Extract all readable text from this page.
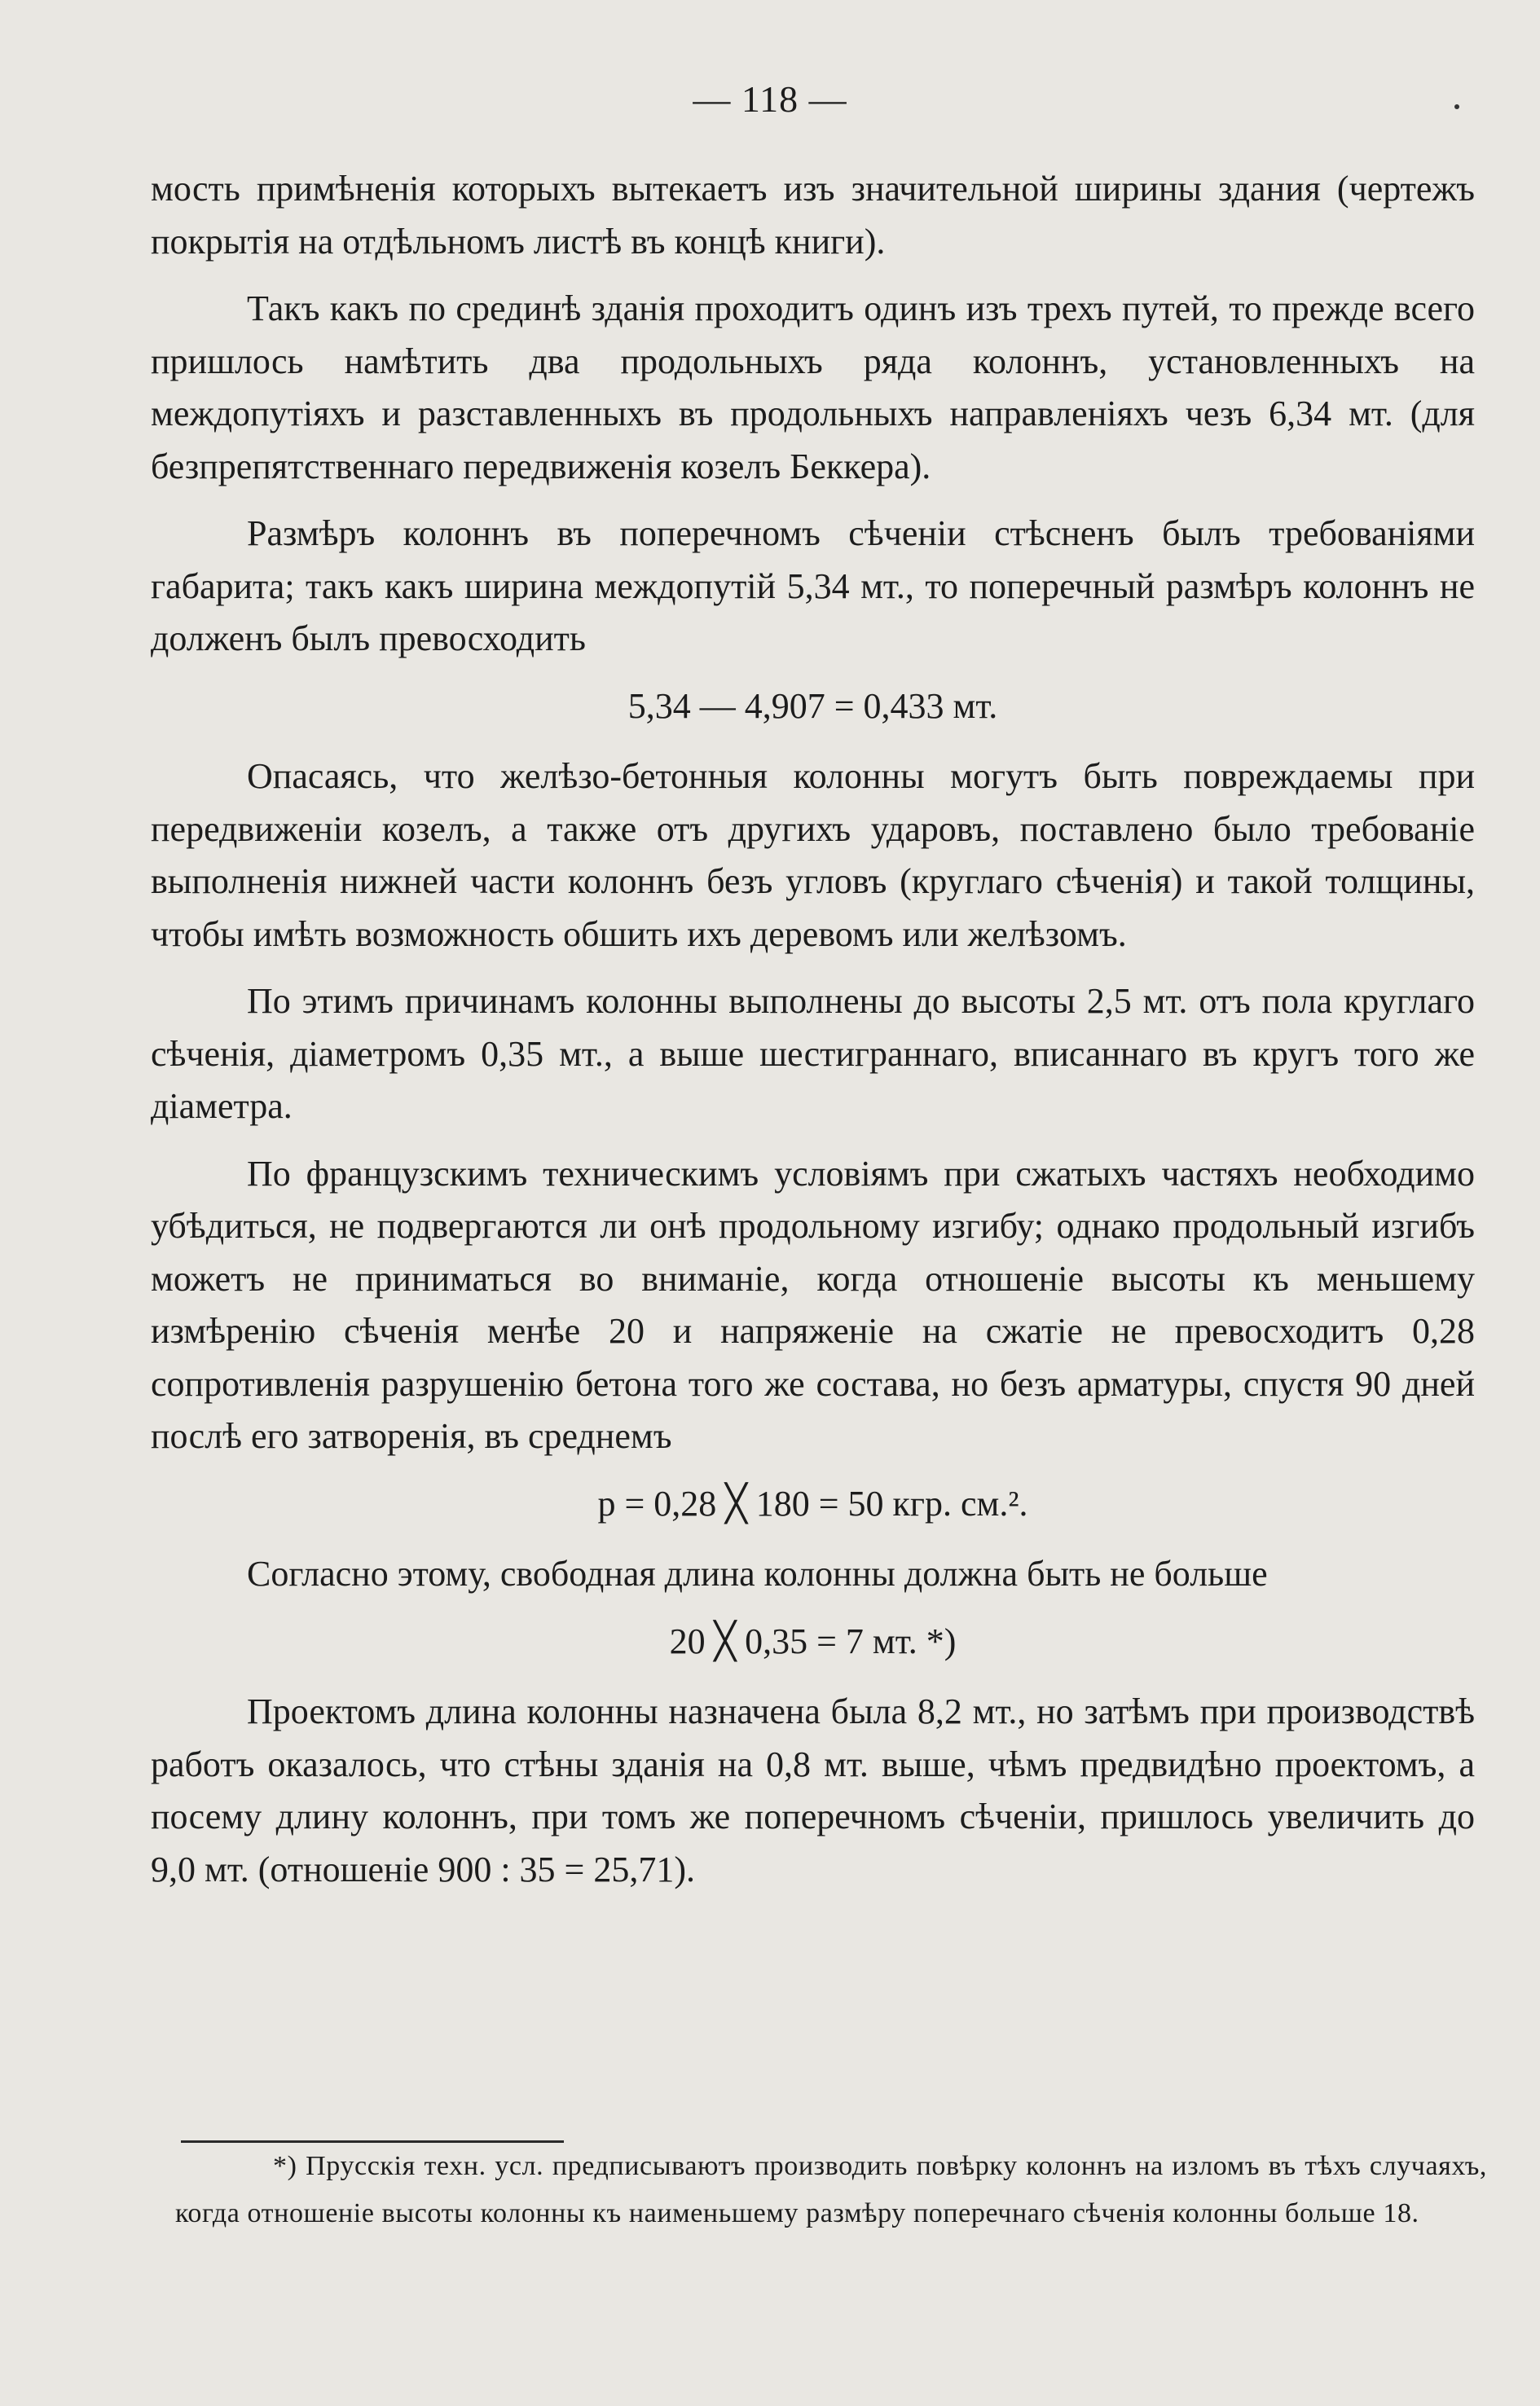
— 118 —

мость примѣненія которыхъ вытекаетъ изъ значительной ширины здания (чертежъ покрытія на отдѣльномъ листѣ въ концѣ книги).

Такъ какъ по срединѣ зданія проходитъ одинъ изъ трехъ путей, то прежде всего пришлось намѣтить два продольныхъ ряда колоннъ, установленныхъ на междопутіяхъ и разставленныхъ въ продольныхъ направленіяхъ чезъ 6,34 мт. (для безпрепятственнаго передвиженія козелъ Беккера).

Размѣръ колоннъ въ поперечномъ сѣченіи стѣсненъ былъ требованіями габарита; такъ какъ ширина междопутій 5,34 мт., то поперечный размѣръ колоннъ не долженъ былъ превосходить

5,34 — 4,907 = 0,433 мт.

Опасаясь, что желѣзо-бетонныя колонны могутъ быть повреждаемы при передвиженіи козелъ, а также отъ другихъ ударовъ, поставлено было требованіе выполненія нижней части колоннъ безъ угловъ (круглаго сѣченія) и такой толщины, чтобы имѣть возможность обшить ихъ деревомъ или желѣзомъ.

По этимъ причинамъ колонны выполнены до высоты 2,5 мт. отъ пола круглаго сѣченія, діаметромъ 0,35 мт., а выше шестиграннаго, вписаннаго въ кругъ того же діаметра.

По французскимъ техническимъ условіямъ при сжатыхъ частяхъ необходимо убѣдиться, не подвергаются ли онѣ продольному изгибу; однако продольный изгибъ можетъ не приниматься во вниманіе, когда отношеніе высоты къ меньшему измѣренію сѣченія менѣе 20 и напряженіе на сжатіе не превосходитъ 0,28 сопротивленія разрушенію бетона того же состава, но безъ арматуры, спустя 90 дней послѣ его затворенія, въ среднемъ

p = 0,28 ╳ 180 = 50 кгр. см.².

Согласно этому, свободная длина колонны должна быть не больше

20 ╳ 0,35 = 7 мт. *)

Проектомъ длина колонны назначена была 8,2 мт., но затѣмъ при производствѣ работъ оказалось, что стѣны зданія на 0,8 мт. выше, чѣмъ предвидѣно проектомъ, а посему длину колоннъ, при томъ же поперечномъ сѣченіи, пришлось увеличить до 9,0 мт. (отношеніе 900 : 35 = 25,71).

*) Прусскія техн. усл. предписываютъ производить повѣрку колоннъ на изломъ въ тѣхъ случаяхъ, когда отношеніе высоты колонны къ наименьшему размѣру поперечнаго сѣченія колонны больше 18.
